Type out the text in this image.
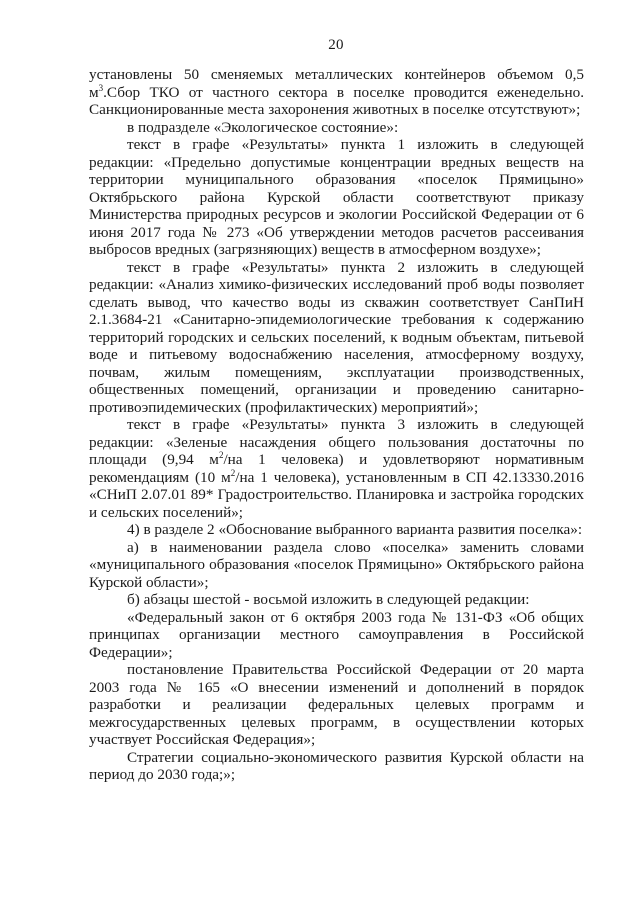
20

установлены 50 сменяемых металлических контейнеров объемом 0,5 $м^3.Сбор$ ТКО от частного сектора в поселке проводится еженедельно. Санкционированные места захоронения животных в поселке отсутствуют»;

в подразделе «Экологическое состояние»:

текст в графе «Результаты» пункта 1 изложить в следующей редакции: «Предельно допустимые концентрации вредных веществ на территории муниципального образования «поселок Прямицыно» Октябрьского района Курской области соответствуют приказу Министерства природных ресурсов и экологии Российской Федерации от 6 июня 2017 года № 273 «Об утверждении методов расчетов рассеивания выбросов вредных (загрязняющих) веществ в атмосферном воздухе»;

текст в графе «Результаты» пункта 2 изложить в следующей редакции: «Анализ химико-физических исследований проб воды позволяет сделать вывод, что качество воды из скважин соответствует СанПиН 2.1.3684-21 «Санитарно-эпидемиологические требования к содержанию территорий городских и сельских поселений, к водным объектам, питьевой воде и питьевому водоснабжению населения, атмосферному воздуху, почвам, жилым помещениям, эксплуатации производственных, общественных помещений, организации и проведению санитарно-противоэпидемических (профилактических) мероприятий»;

текст в графе «Результаты» пункта 3 изложить в следующей редакции: «Зеленые насаждения общего пользования достаточны по площади (9,94 $м^2/на$ 1 человека) и удовлетворяют нормативным рекомендациям (10 $м^2/на$ 1 человека), установленным в СП 42.13330.2016 «СНиП 2.07.01 89* Градостроительство. Планировка и застройка городских и сельских поселений»;

4) в разделе 2 «Обоснование выбранного варианта развития поселка»:

а) в наименовании раздела слово «поселка» заменить словами «муниципального образования «поселок Прямицыно» Октябрьского района Курской области»;

б) абзацы шестой - восьмой изложить в следующей редакции:

«Федеральный закон от 6 октября 2003 года № 131-ФЗ «Об общих принципах организации местного самоуправления в Российской Федерации»;

постановление Правительства Российской Федерации от 20 марта 2003 года № 165 «О внесении изменений и дополнений в порядок разработки и реализации федеральных целевых программ и межгосударственных целевых программ, в осуществлении которых участвует Российская Федерация»;

Стратегии социально-экономического развития Курской области на период до 2030 года;»;
